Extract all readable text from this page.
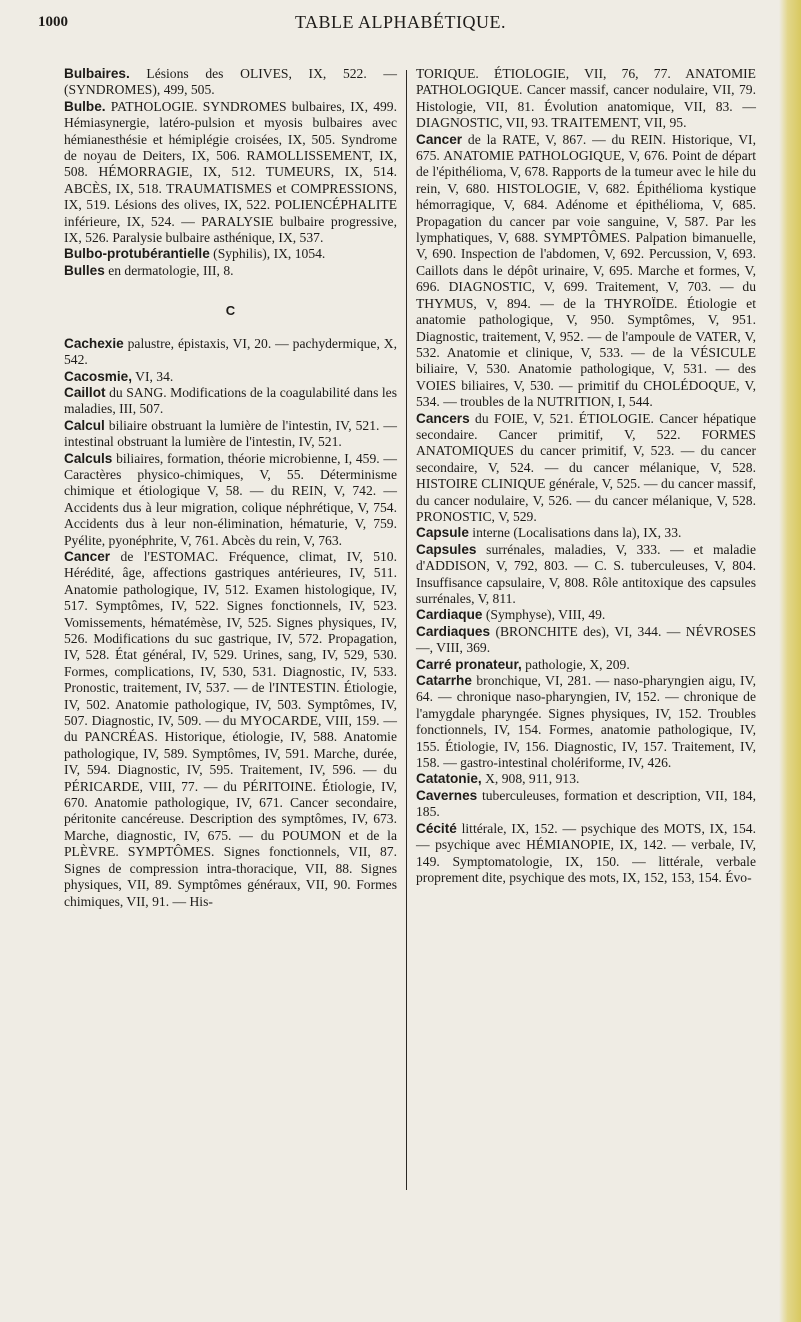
1000	TABLE ALPHABÉTIQUE.

Bulbaires. Lésions des OLIVES, IX, 522. — (SYNDROMES), 499, 505.

Bulbe. PATHOLOGIE. SYNDROMES bulbaires, IX, 499. Hémiasynergie, latéro-pulsion et myosis bulbaires avec hémianesthésie et hémiplégie croisées, IX, 505. Syndrome de noyau de Deiters, IX, 506. RAMOLLISSEMENT, IX, 508. HÉMORRAGIE, IX, 512. TUMEURS, IX, 514. ABCÈS, IX, 518. TRAUMATISMES et COMPRESSIONS, IX, 519. Lésions des olives, IX, 522. POLIENCÉPHALITE inférieure, IX, 524. — PARALYSIE bulbaire progressive, IX, 526. Paralysie bulbaire asthénique, IX, 537.

Bulbo-protubérantielle (Syphilis), IX, 1054.

Bulles en dermatologie, III, 8.

C

Cachexie palustre, épistaxis, VI, 20. — pachydermique, X, 542.

Cacosmie, VI, 34.

Caillot du SANG. Modifications de la coagulabilité dans les maladies, III, 507.

Calcul biliaire obstruant la lumière de l'intestin, IV, 521. — intestinal obstruant la lumière de l'intestin, IV, 521.

Calculs biliaires, formation, théorie microbienne, I, 459. — Caractères physico-chimiques, V, 55. Déterminisme chimique et étiologique V, 58. — du REIN, V, 742. — Accidents dus à leur migration, colique néphrétique, V, 754. Accidents dus à leur non-élimination, hématurie, V, 759. Pyélite, pyonéphrite, V, 761. Abcès du rein, V, 763.

Cancer de l'ESTOMAC. Fréquence, climat, IV, 510. Hérédité, âge, affections gastriques antérieures, IV, 511. Anatomie pathologique, IV, 512. Examen histologique, IV, 517. Symptômes, IV, 522. Signes fonctionnels, IV, 523. Vomissements, hématémèse, IV, 525. Signes physiques, IV, 526. Modifications du suc gastrique, IV, 572. Propagation, IV, 528. État général, IV, 529. Urines, sang, IV, 529, 530. Formes, complications, IV, 530, 531. Diagnostic, IV, 533. Pronostic, traitement, IV, 537. — de l'INTESTIN. Étiologie, IV, 502. Anatomie pathologique, IV, 503. Symptômes, IV, 507. Diagnostic, IV, 509. — du MYOCARDE, VIII, 159. — du PANCRÉAS. Historique, étiologie, IV, 588. Anatomie pathologique, IV, 589. Symptômes, IV, 591. Marche, durée, IV, 594. Diagnostic, IV, 595. Traitement, IV, 596. — du PÉRICARDE, VIII, 77. — du PÉRITOINE. Étiologie, IV, 670. Anatomie pathologique, IV, 671. Cancer secondaire, péritonite cancéreuse. Description des symptômes, IV, 673. Marche, diagnostic, IV, 675. — du POUMON et de la PLÈVRE. SYMPTÔMES. Signes fonctionnels, VII, 87. Signes de compression intra-thoracique, VII, 88. Signes physiques, VII, 89. Symptômes généraux, VII, 90. Formes chimiques, VII, 91. — His-

TORIQUE. ÉTIOLOGIE, VII, 76, 77. ANATOMIE PATHOLOGIQUE. Cancer massif, cancer nodulaire, VII, 79. Histologie, VII, 81. Évolution anatomique, VII, 83. — DIAGNOSTIC, VII, 93. TRAITEMENT, VII, 95.

Cancer de la RATE, V, 867. — du REIN. Historique, VI, 675. ANATOMIE PATHOLOGIQUE, V, 676. Point de départ de l'épithélioma, V, 678. Rapports de la tumeur avec le hile du rein, V, 680. HISTOLOGIE, V, 682. Épithélioma kystique hémorragique, V, 684. Adénome et épithélioma, V, 685. Propagation du cancer par voie sanguine, V, 587. Par les lymphatiques, V, 688. SYMPTÔMES. Palpation bimanuelle, V, 690. Inspection de l'abdomen, V, 692. Percussion, V, 693. Caillots dans le dépôt urinaire, V, 695. Marche et formes, V, 696. DIAGNOSTIC, V, 699. Traitement, V, 703. — du THYMUS, V, 894. — de la THYROÏDE. Étiologie et anatomie pathologique, V, 950. Symptômes, V, 951. Diagnostic, traitement, V, 952. — de l'ampoule de VATER, V, 532. Anatomie et clinique, V, 533. — de la VÉSICULE biliaire, V, 530. Anatomie pathologique, V, 531. — des VOIES biliaires, V, 530. — primitif du CHOLÉDOQUE, V, 534. — troubles de la NUTRITION, I, 544.

Cancers du FOIE, V, 521. ÉTIOLOGIE. Cancer hépatique secondaire. Cancer primitif, V, 522. FORMES ANATOMIQUES du cancer primitif, V, 523. — du cancer secondaire, V, 524. — du cancer mélanique, V, 528. HISTOIRE CLINIQUE générale, V, 525. — du cancer massif, du cancer nodulaire, V, 526. — du cancer mélanique, V, 528. PRONOSTIC, V, 529.

Capsule interne (Localisations dans la), IX, 33.

Capsules surrénales, maladies, V, 333. — et maladie d'ADDISON, V, 792, 803. — C. S. tuberculeuses, V, 804. Insuffisance capsulaire, V, 808. Rôle antitoxique des capsules surrénales, V, 811.

Cardiaque (Symphyse), VIII, 49.

Cardiaques (BRONCHITE des), VI, 344. — NÉVROSES —, VIII, 369.

Carré pronateur, pathologie, X, 209.

Catarrhe bronchique, VI, 281. — naso-pharyngien aigu, IV, 64. — chronique naso-pharyngien, IV, 152. — chronique de l'amygdale pharyngée. Signes physiques, IV, 152. Troubles fonctionnels, IV, 154. Formes, anatomie pathologique, IV, 155. Étiologie, IV, 156. Diagnostic, IV, 157. Traitement, IV, 158. — gastro-intestinal cholériforme, IV, 426.

Catatonie, X, 908, 911, 913.

Cavernes tuberculeuses, formation et description, VII, 184, 185.

Cécité littérale, IX, 152. — psychique des MOTS, IX, 154. — psychique avec HÉMIANOPIE, IX, 142. — verbale, IV, 149. Symptomatologie, IX, 150. — littérale, verbale proprement dite, psychique des mots, IX, 152, 153, 154. Évo-
